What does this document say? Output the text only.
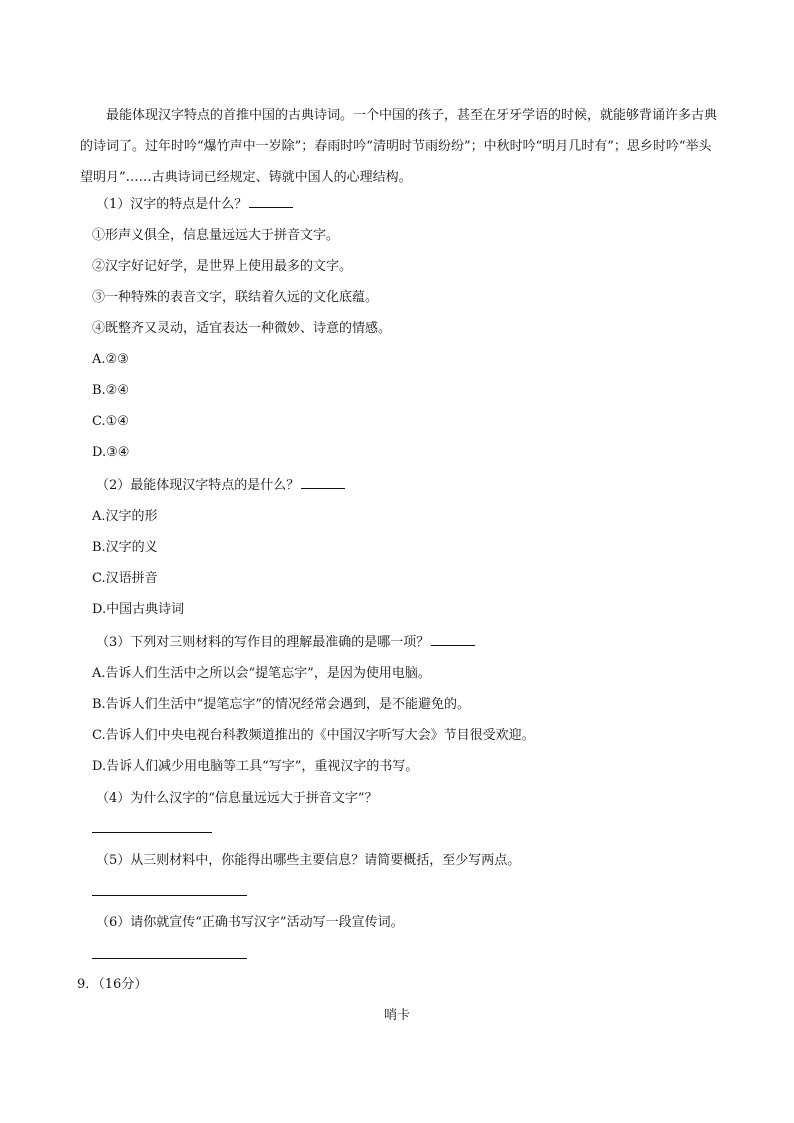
最能体现汉字特点的首推中国的古典诗词。一个中国的孩子，甚至在牙牙学语的时候，就能够背诵许多古典的诗词了。过年时吟“爆竹声中一岁除”；春雨时吟“清明时节雨纷纷”；中秋时吟“明月几时有”；思乡时吟“举头望明月”……古典诗词已经规定、铸就中国人的心理结构。
（1）汉字的特点是什么？
①形声义俱全，信息量远远大于拼音文字。
②汉字好记好学，是世界上使用最多的文字。
③一种特殊的表音文字，联结着久远的文化底蕴。
④既整齐又灵动，适宜表达一种微妙、诗意的情感。
A.②③
B.②④
C.①④
D.③④
（2）最能体现汉字特点的是什么？
A.汉字的形
B.汉字的义
C.汉语拼音
D.中国古典诗词
（3）下列对三则材料的写作目的理解最准确的是哪一项？
A.告诉人们生活中之所以会“提笔忘字”，是因为使用电脑。
B.告诉人们生活中“提笔忘字”的情况经常会遇到，是不能避免的。
C.告诉人们中央电视台科教频道推出的《中国汉字听写大会》节目很受欢迎。
D.告诉人们减少用电脑等工具“写字”，重视汉字的书写。
（4）为什么汉字的“信息量远远大于拼音文字”？
（5）从三则材料中，你能得出哪些主要信息？请简要概括，至少写两点。
（6）请你就宣传“正确书写汉字”活动写一段宣传词。
9．（16分）
哨卡
